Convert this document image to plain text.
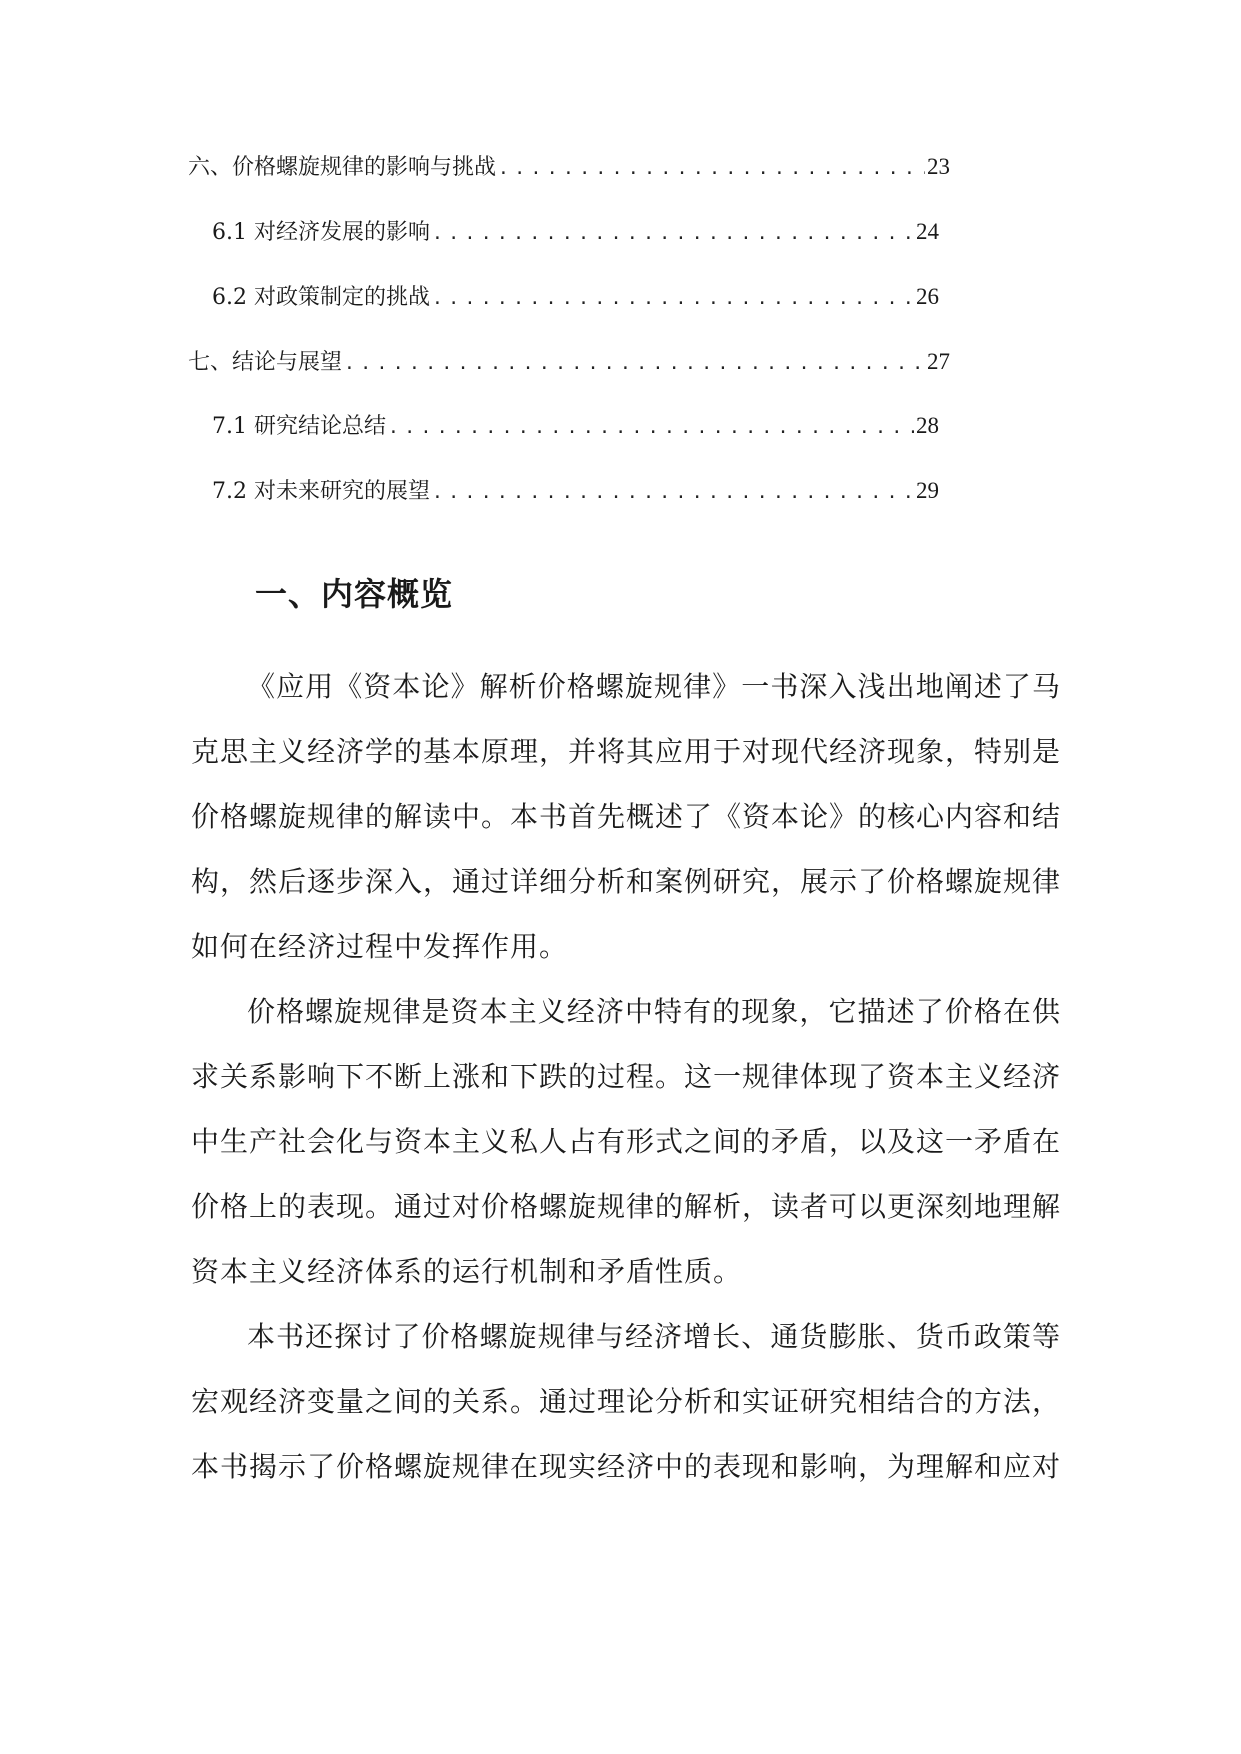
六、价格螺旋规律的影响与挑战 .....	23
6.1 对经济发展的影响 .....	24
6.2 对政策制定的挑战 .....	26
七、结论与展望 .....	27
7.1 研究结论总结 .....	28
7.2 对未来研究的展望 .....	29
一、内容概览

《应用《资本论》解析价格螺旋规律》一书深入浅出地阐述了马克思主义经济学的基本原理，并将其应用于对现代经济现象，特别是价格螺旋规律的解读中。本书首先概述了《资本论》的核心内容和结构，然后逐步深入，通过详细分析和案例研究，展示了价格螺旋规律如何在经济过程中发挥作用。

价格螺旋规律是资本主义经济中特有的现象，它描述了价格在供求关系影响下不断上涨和下跌的过程。这一规律体现了资本主义经济中生产社会化与资本主义私人占有形式之间的矛盾，以及这一矛盾在价格上的表现。通过对价格螺旋规律的解析，读者可以更深刻地理解资本主义经济体系的运行机制和矛盾性质。

本书还探讨了价格螺旋规律与经济增长、通货膨胀、货币政策等宏观经济变量之间的关系。通过理论分析和实证研究相结合的方法，本书揭示了价格螺旋规律在现实经济中的表现和影响，为理解和应对
